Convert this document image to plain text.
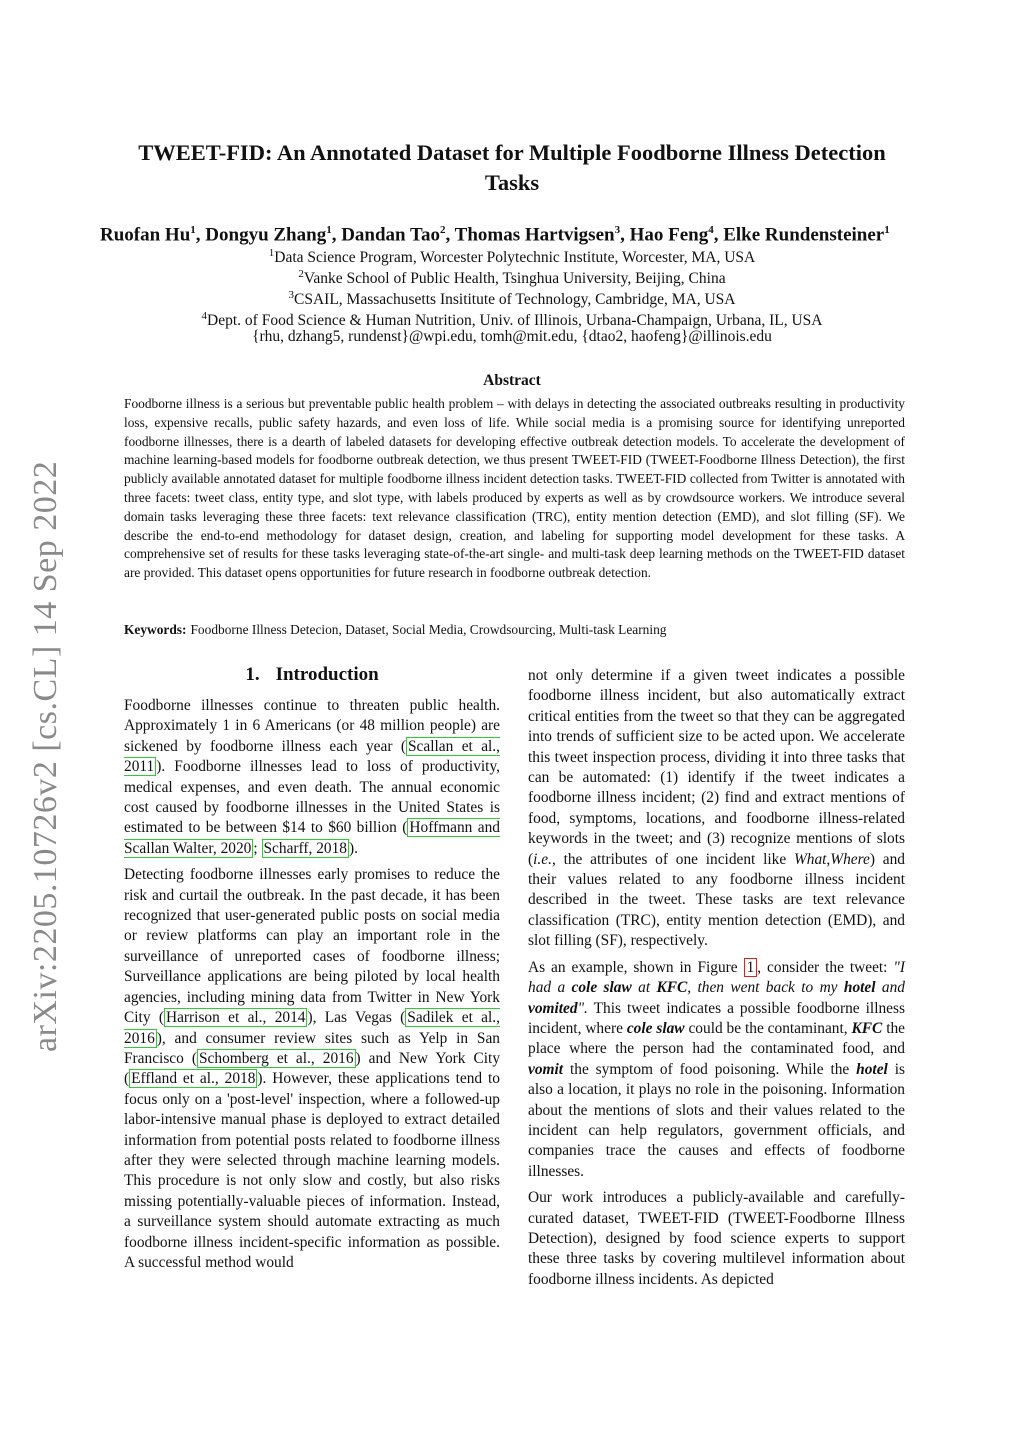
arXiv:2205.10726v2 [cs.CL] 14 Sep 2022
TWEET-FID: An Annotated Dataset for Multiple Foodborne Illness Detection Tasks
Ruofan Hu$^1$, Dongyu Zhang$^1$, Dandan Tao$^2$, Thomas Hartvigsen$^3$, Hao Feng$^4$, Elke Rundensteiner$^1$
$^1$Data Science Program, Worcester Polytechnic Institute, Worcester, MA, USA
$^2$Vanke School of Public Health, Tsinghua University, Beijing, China
$^3$CSAIL, Massachusetts Insititute of Technology, Cambridge, MA, USA
$^4$Dept. of Food Science & Human Nutrition, Univ. of Illinois, Urbana-Champaign, Urbana, IL, USA
{rhu, dzhang5, rundenst}@wpi.edu, tomh@mit.edu, {dtao2, haofeng}@illinois.edu
Abstract

Foodborne illness is a serious but preventable public health problem – with delays in detecting the associated outbreaks resulting in productivity loss, expensive recalls, public safety hazards, and even loss of life. While social media is a promising source for identifying unreported foodborne illnesses, there is a dearth of labeled datasets for developing effective outbreak detection models. To accelerate the development of machine learning-based models for foodborne outbreak detection, we thus present TWEET-FID (TWEET-Foodborne Illness Detection), the first publicly available annotated dataset for multiple foodborne illness incident detection tasks. TWEET-FID collected from Twitter is annotated with three facets: tweet class, entity type, and slot type, with labels produced by experts as well as by crowdsource workers. We introduce several domain tasks leveraging these three facets: text relevance classification (TRC), entity mention detection (EMD), and slot filling (SF). We describe the end-to-end methodology for dataset design, creation, and labeling for supporting model development for these tasks. A comprehensive set of results for these tasks leveraging state-of-the-art single- and multi-task deep learning methods on the TWEET-FID dataset are provided. This dataset opens opportunities for future research in foodborne outbreak detection.

Keywords: Foodborne Illness Detecion, Dataset, Social Media, Crowdsourcing, Multi-task Learning
1. Introduction

Foodborne illnesses continue to threaten public health. Approximately 1 in 6 Americans (or 48 million people) are sickened by foodborne illness each year ( Scallan et al., 2011 ). Foodborne illnesses lead to loss of productivity, medical expenses, and even death. The annual economic cost caused by foodborne illnesses in the United States is estimated to be between $14 to $60 billion ( Hoffmann and Scallan Walter, 2020 ; Scharff, 2018 ).

Detecting foodborne illnesses early promises to reduce the risk and curtail the outbreak. In the past decade, it has been recognized that user-generated public posts on social media or review platforms can play an important role in the surveillance of unreported cases of foodborne illness; Surveillance applications are being piloted by local health agencies, including mining data from Twitter in New York City ( Harrison et al., 2014 ), Las Vegas ( Sadilek et al., 2016 ), and consumer review sites such as Yelp in San Francisco ( Schomberg et al., 2016 ) and New York City ( Effland et al., 2018 ). However, these applications tend to focus only on a 'post-level' inspection, where a followed-up labor-intensive manual phase is deployed to extract detailed information from potential posts related to foodborne illness after they were selected through machine learning models. This procedure is not only slow and costly, but also risks missing potentially-valuable pieces of information. Instead, a surveillance system should automate extracting as much foodborne illness incident-specific information as possible. A successful method would

not only determine if a given tweet indicates a possible foodborne illness incident, but also automatically extract critical entities from the tweet so that they can be aggregated into trends of sufficient size to be acted upon. We accelerate this tweet inspection process, dividing it into three tasks that can be automated: (1) identify if the tweet indicates a foodborne illness incident; (2) find and extract mentions of food, symptoms, locations, and foodborne illness-related keywords in the tweet; and (3) recognize mentions of slots (i.e., the attributes of one incident like What,Where) and their values related to any foodborne illness incident described in the tweet. These tasks are text relevance classification (TRC), entity mention detection (EMD), and slot filling (SF), respectively.

As an example, shown in Figure 1 , consider the tweet: "I had a cole slaw at KFC, then went back to my hotel and vomited". This tweet indicates a possible foodborne illness incident, where cole slaw could be the contaminant, KFC the place where the person had the contaminated food, and vomit the symptom of food poisoning. While the hotel is also a location, it plays no role in the poisoning. Information about the mentions of slots and their values related to the incident can help regulators, government officials, and companies trace the causes and effects of foodborne illnesses.

Our work introduces a publicly-available and carefully-curated dataset, TWEET-FID (TWEET-Foodborne Illness Detection), designed by food science experts to support these three tasks by covering multilevel information about foodborne illness incidents. As depicted
